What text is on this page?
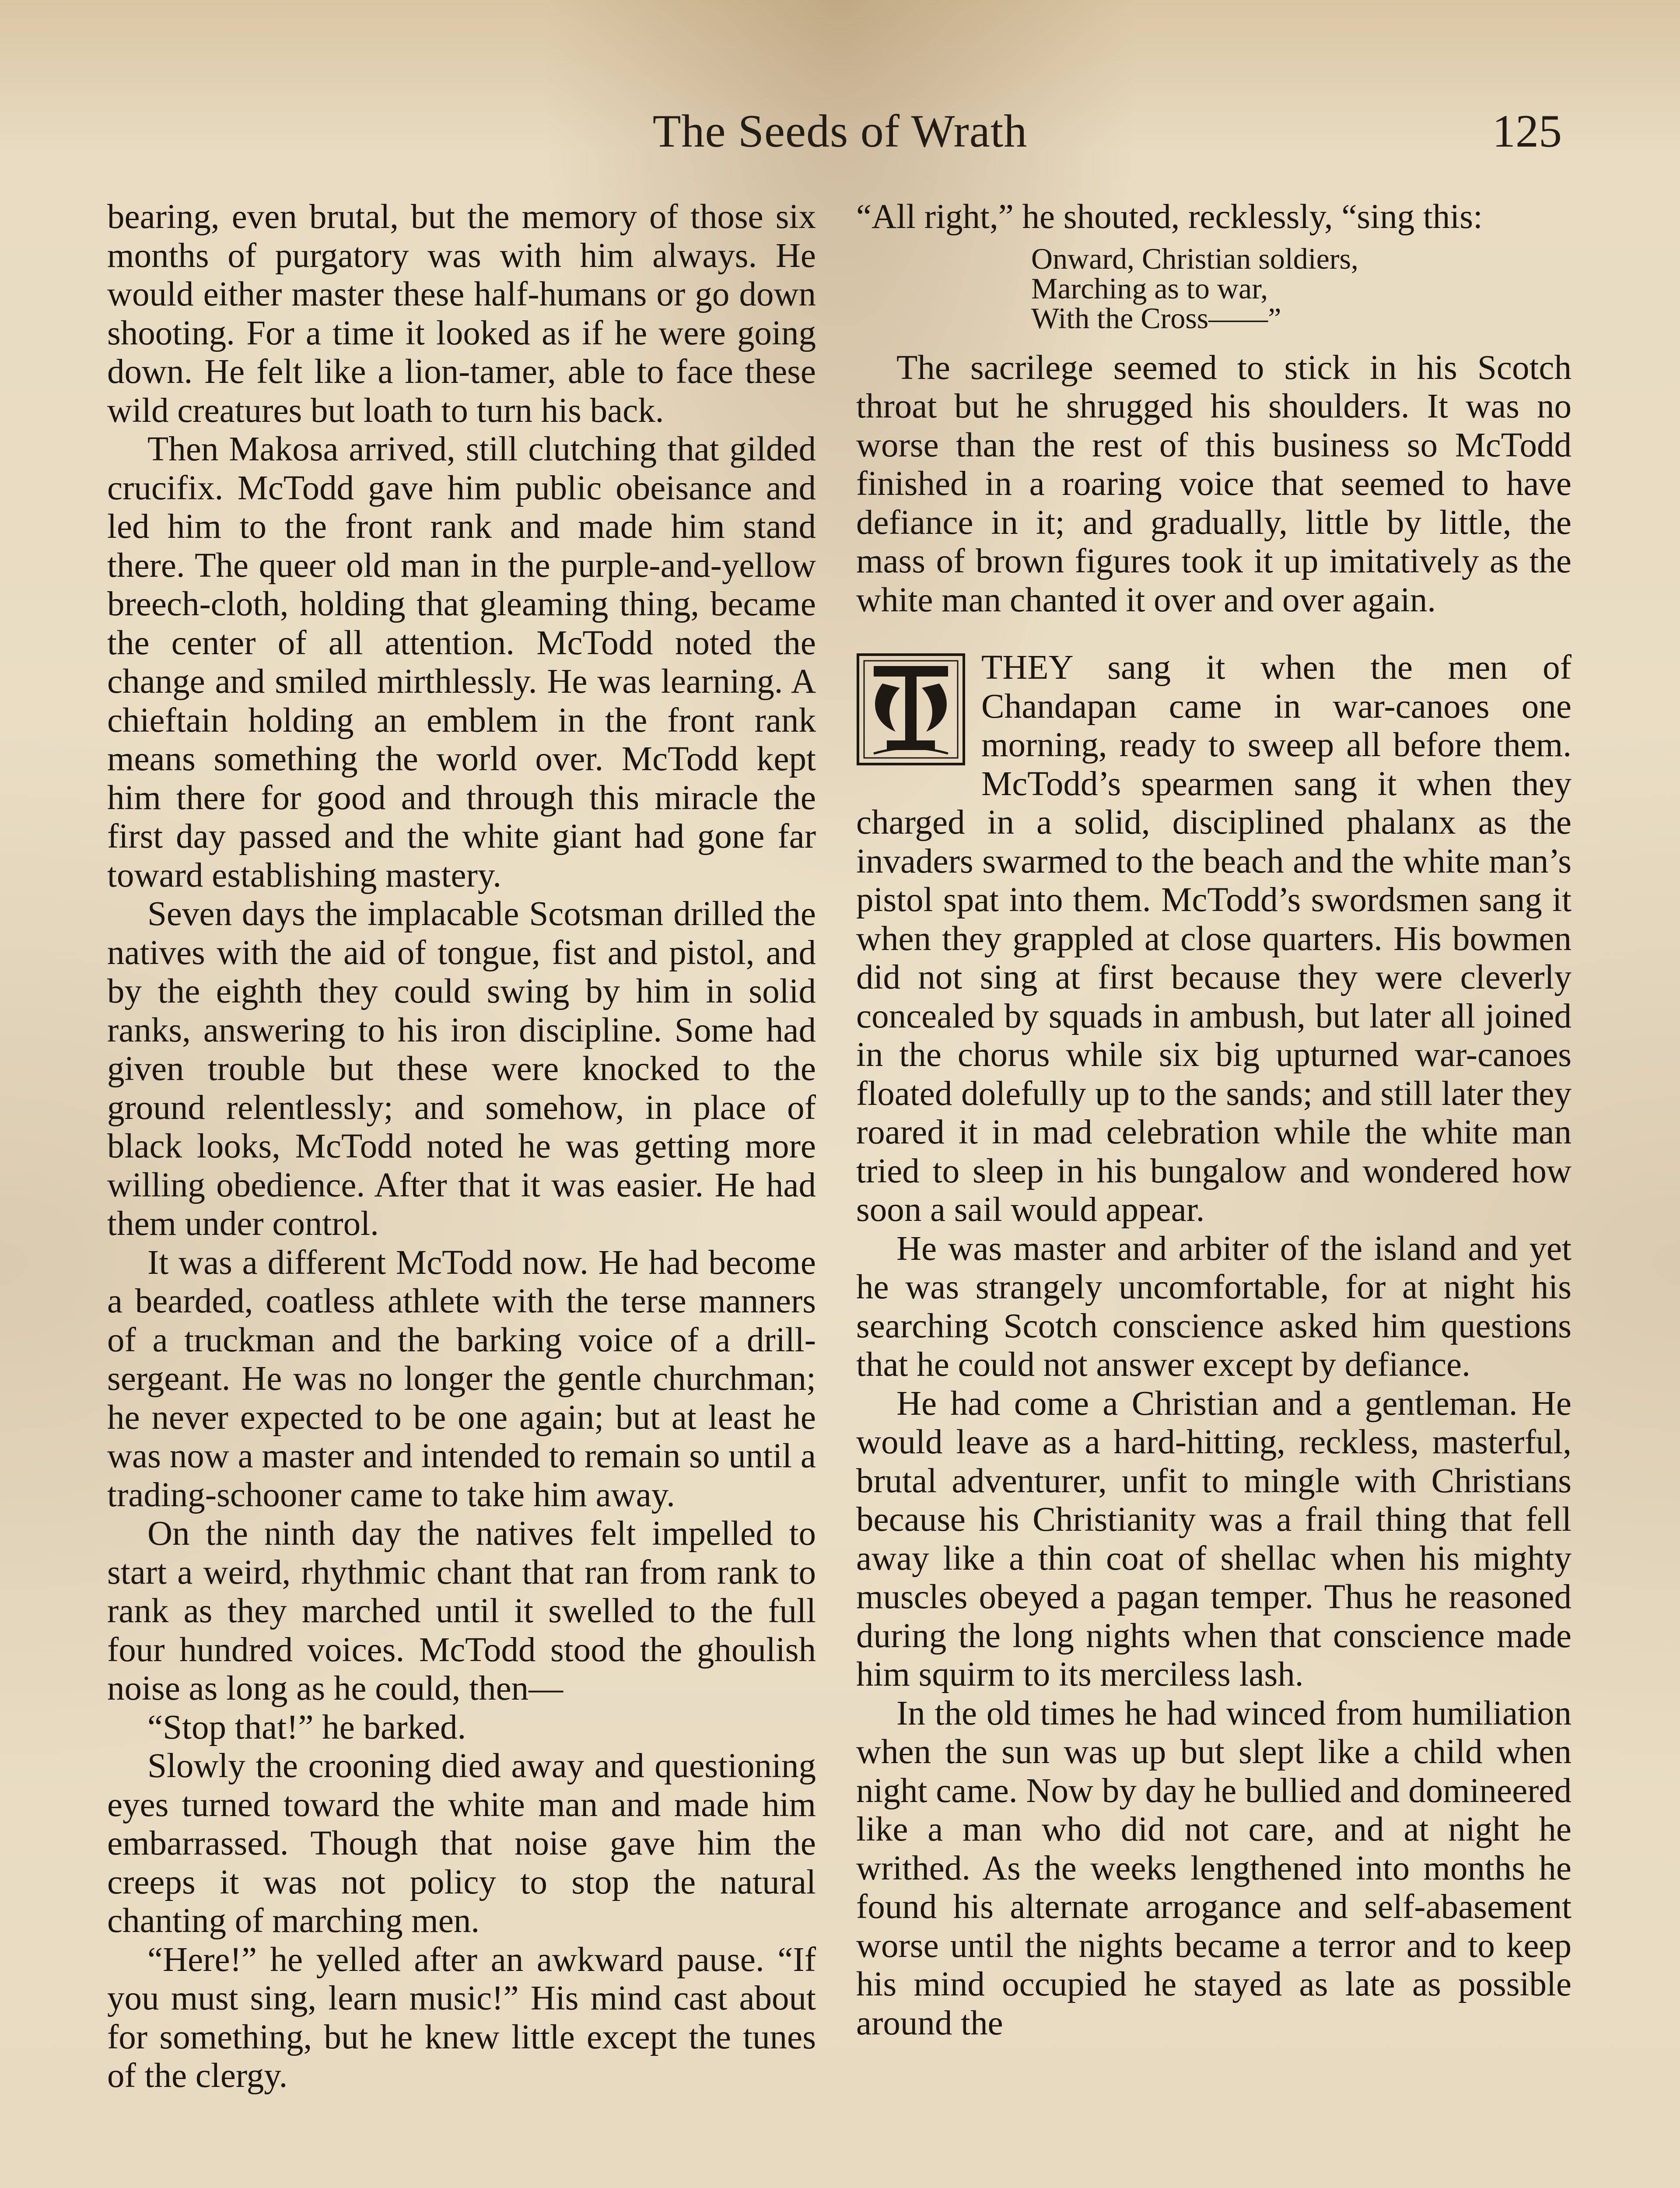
The Seeds of Wrath	125

bearing, even brutal, but the memory of those six months of purgatory was with him always. He would either master these half-humans or go down shooting. For a time it looked as if he were going down. He felt like a lion-tamer, able to face these wild creatures but loath to turn his back.

Then Makosa arrived, still clutching that gilded crucifix. McTodd gave him public obeisance and led him to the front rank and made him stand there. The queer old man in the purple-and-yellow breech-cloth, holding that gleaming thing, became the center of all attention. McTodd noted the change and smiled mirthlessly. He was learning. A chieftain holding an emblem in the front rank means something the world over. McTodd kept him there for good and through this miracle the first day passed and the white giant had gone far toward establishing mastery.

Seven days the implacable Scotsman drilled the natives with the aid of tongue, fist and pistol, and by the eighth they could swing by him in solid ranks, answering to his iron discipline. Some had given trouble but these were knocked to the ground relentlessly; and somehow, in place of black looks, McTodd noted he was getting more willing obedience. After that it was easier. He had them under control.

It was a different McTodd now. He had become a bearded, coatless athlete with the terse manners of a truckman and the barking voice of a drill-sergeant. He was no longer the gentle churchman; he never expected to be one again; but at least he was now a master and intended to remain so until a trading-schooner came to take him away.

On the ninth day the natives felt impelled to start a weird, rhythmic chant that ran from rank to rank as they marched until it swelled to the full four hundred voices. McTodd stood the ghoulish noise as long as he could, then—

“Stop that!” he barked.

Slowly the crooning died away and questioning eyes turned toward the white man and made him embarrassed. Though that noise gave him the creeps it was not policy to stop the natural chanting of marching men.

“Here!” he yelled after an awkward pause. “If you must sing, learn music!” His mind cast about for something, but he knew little except the tunes of the clergy.

“All right,” he shouted, recklessly, “sing this:

Onward, Christian soldiers,
Marching as to war,
With the Cross——”

The sacrilege seemed to stick in his Scotch throat but he shrugged his shoulders. It was no worse than the rest of this business so McTodd finished in a roaring voice that seemed to have defiance in it; and gradually, little by little, the mass of brown figures took it up imitatively as the white man chanted it over and over again.

THEY sang it when the men of Chandapan came in war-canoes one morning, ready to sweep all before them. McTodd’s spearmen sang it when they charged in a solid, disciplined phalanx as the invaders swarmed to the beach and the white man’s pistol spat into them. McTodd’s swordsmen sang it when they grappled at close quarters. His bowmen did not sing at first because they were cleverly concealed by squads in ambush, but later all joined in the chorus while six big upturned war-canoes floated dolefully up to the sands; and still later they roared it in mad celebration while the white man tried to sleep in his bungalow and wondered how soon a sail would appear.

He was master and arbiter of the island and yet he was strangely uncomfortable, for at night his searching Scotch conscience asked him questions that he could not answer except by defiance.

He had come a Christian and a gentleman. He would leave as a hard-hitting, reckless, masterful, brutal adventurer, unfit to mingle with Christians because his Christianity was a frail thing that fell away like a thin coat of shellac when his mighty muscles obeyed a pagan temper. Thus he reasoned during the long nights when that conscience made him squirm to its merciless lash.

In the old times he had winced from humiliation when the sun was up but slept like a child when night came. Now by day he bullied and domineered like a man who did not care, and at night he writhed. As the weeks lengthened into months he found his alternate arrogance and self-abasement worse until the nights became a terror and to keep his mind occupied he stayed as late as possible around the
